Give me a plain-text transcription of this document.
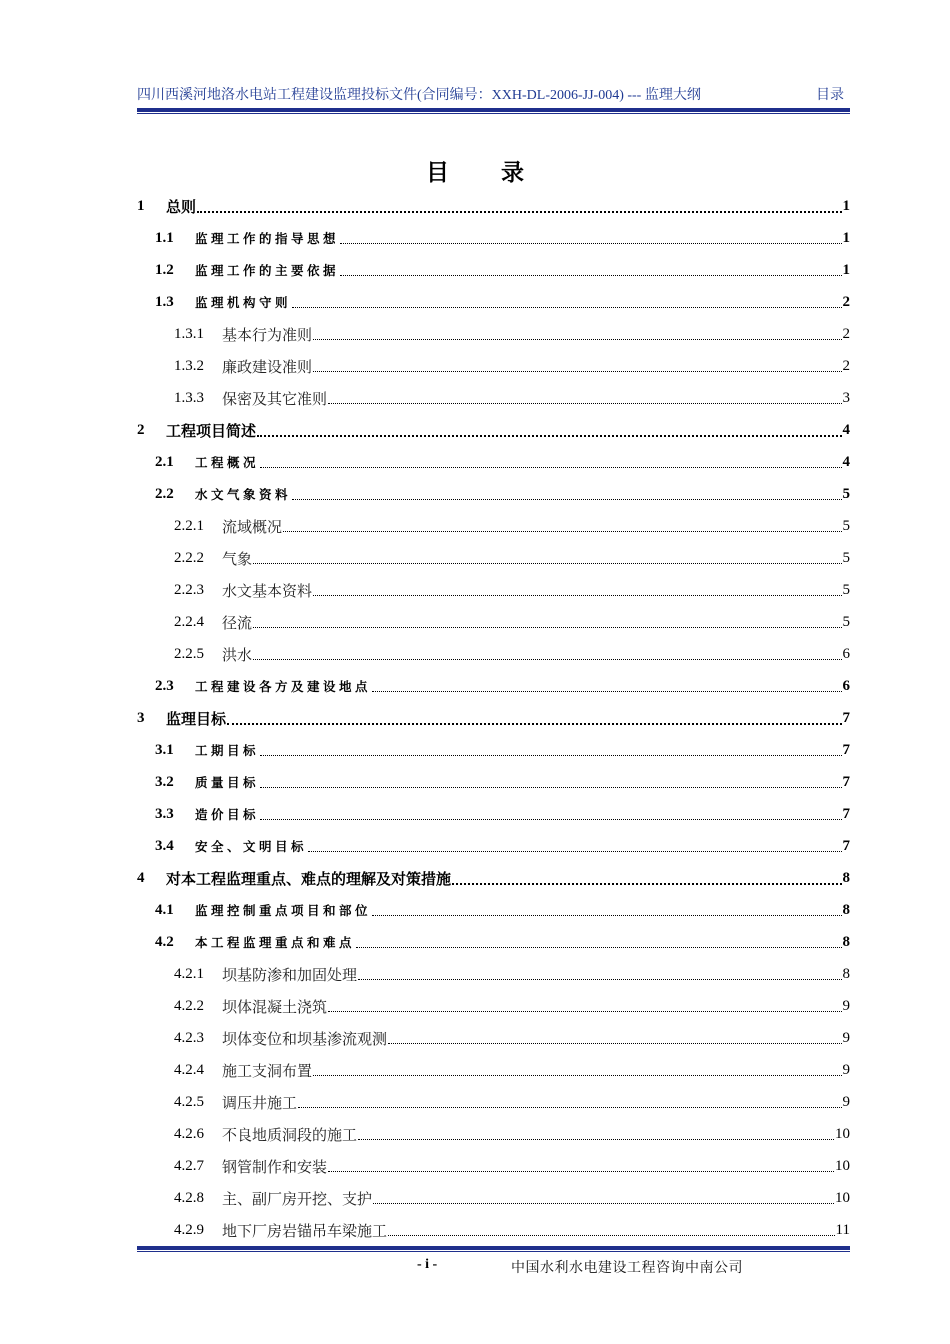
四川西溪河地洛水电站工程建设监理投标文件(合同编号：XXH-DL-2006-JJ-004) --- 监理大纲	目录
目 录
1	总则	1
1.1	监理工作的指导思想	1
1.2	监理工作的主要依据	1
1.3	监理机构守则	2
1.3.1	基本行为准则	2
1.3.2	廉政建设准则	2
1.3.3	保密及其它准则	3
2	工程项目简述	4
2.1	工程概况	4
2.2	水文气象资料	5
2.2.1	流域概况	5
2.2.2	气象	5
2.2.3	水文基本资料	5
2.2.4	径流	5
2.2.5	洪水	6
2.3	工程建设各方及建设地点	6
3	监理目标	7
3.1	工期目标	7
3.2	质量目标	7
3.3	造价目标	7
3.4	安全、文明目标	7
4	对本工程监理重点、难点的理解及对策措施	8
4.1	监理控制重点项目和部位	8
4.2	本工程监理重点和难点	8
4.2.1	坝基防渗和加固处理	8
4.2.2	坝体混凝土浇筑	9
4.2.3	坝体变位和坝基渗流观测	9
4.2.4	施工支洞布置	9
4.2.5	调压井施工	9
4.2.6	不良地质洞段的施工	10
4.2.7	钢管制作和安装	10
4.2.8	主、副厂房开挖、支护	10
4.2.9	地下厂房岩锚吊车梁施工	11
- i -	中国水利水电建设工程咨询中南公司
